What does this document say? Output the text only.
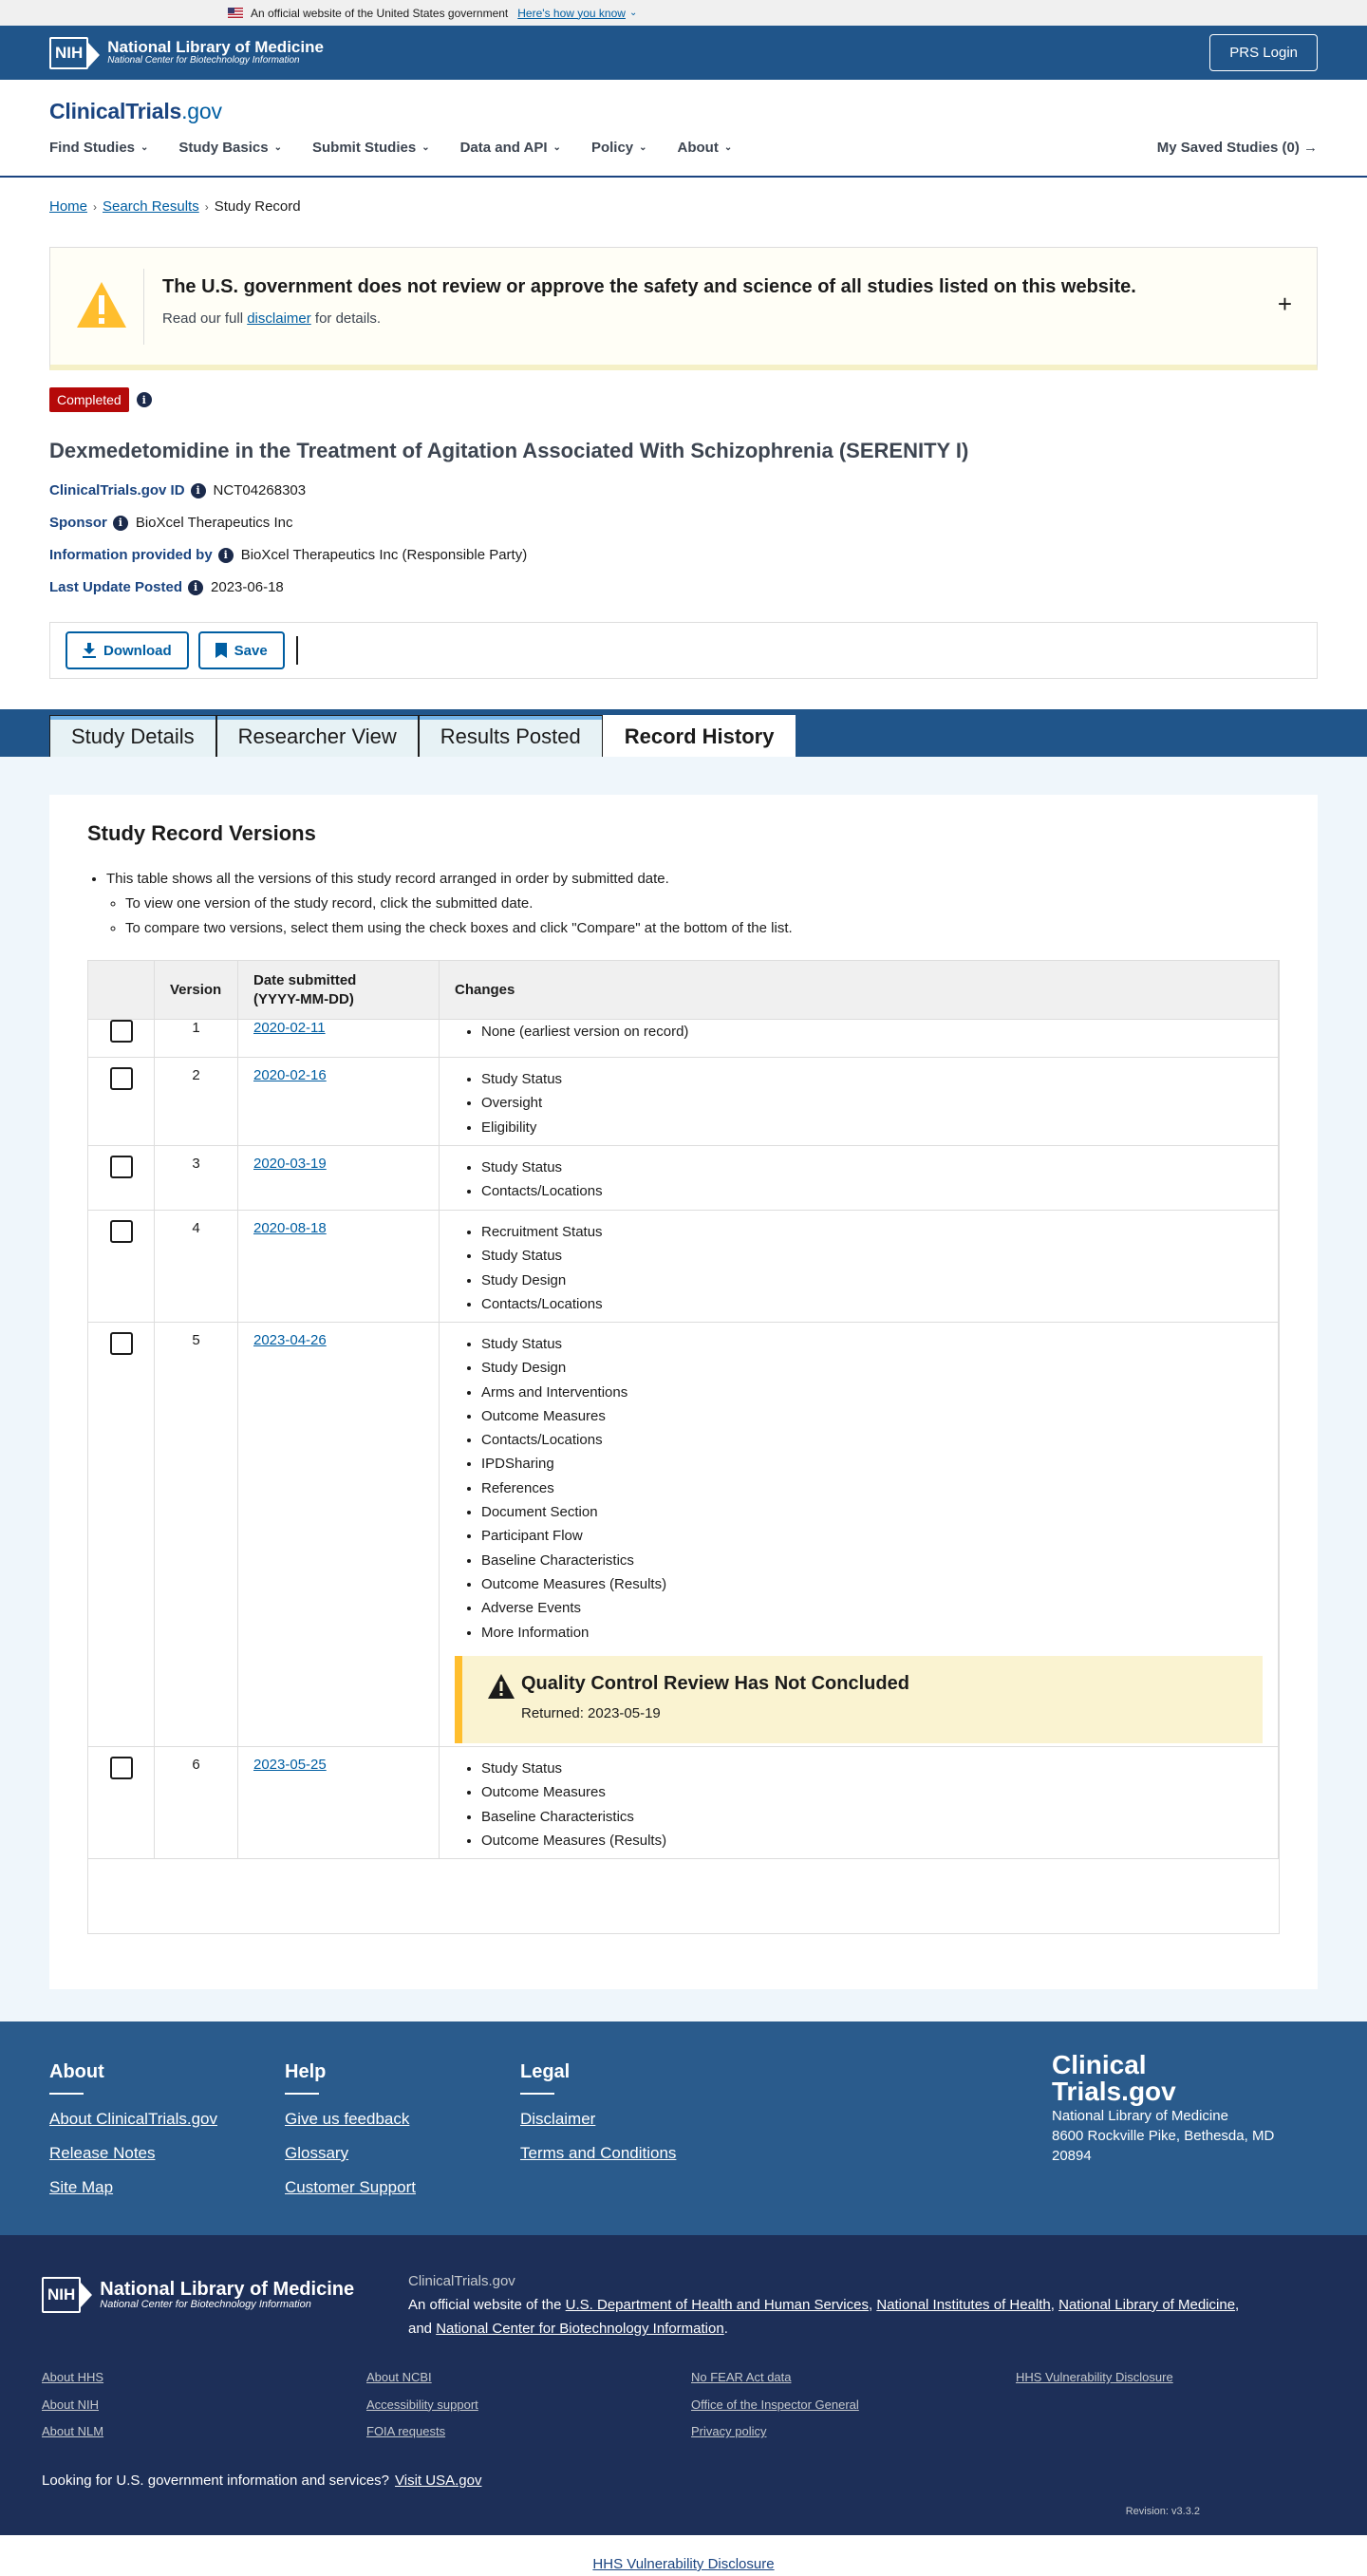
An official website of the United States government Here's how you know ⌄
NIH	National Library of Medicine
National Center for Biotechnology Information	PRS Login
ClinicalTrials.gov
Find Studies ⌄ Study Basics ⌄ Submit Studies ⌄ Data and API ⌄ Policy ⌄ About ⌄	My Saved Studies (0) →
Home › Search Results › Study Record
The U.S. government does not review or approve the safety and science of all studies listed on this website.
Read our full disclaimer for details.
+
Completed	i
Dexmedetomidine in the Treatment of Agitation Associated With Schizophrenia (SERENITY I)
ClinicalTrials.gov ID	i NCT04268303
Sponsor	i BioXcel Therapeutics Inc
Information provided by	i BioXcel Therapeutics Inc (Responsible Party)
Last Update Posted	i 2023-06-18
Download	Save
Study Details	Researcher View	Results Posted	Record History
Study Record Versions
• This table shows all the versions of this study record arranged in order by submitted date.
◦ To view one version of the study record, click the submitted date.
◦ To compare two versions, select them using the check boxes and click "Compare" at the bottom of the list.
Version
Date submitted
(YYYY-MM-DD)
Changes
1	2020-02-11	• None (earliest version on record)
2	2020-02-16	• Study Status
• Oversight
• Eligibility
3	2020-03-19	• Study Status
• Contacts/Locations
4	2020-08-18	• Recruitment Status
• Study Status
• Study Design
• Contacts/Locations
5	2023-04-26	• Study Status
• Study Design
• Arms and Interventions
• Outcome Measures
• Contacts/Locations
• IPDSharing
• References
• Document Section
• Participant Flow
• Baseline Characteristics
• Outcome Measures (Results)
• Adverse Events
• More Information
Quality Control Review Has Not Concluded
Returned: 2023-05-19
6	2023-05-25	• Study Status
• Outcome Measures
• Baseline Characteristics
• Outcome Measures (Results)
About
About ClinicalTrials.gov
Release Notes
Site Map
Help
Give us feedback
Glossary
Customer Support
Legal
Disclaimer
Terms and Conditions
Clinical
Trials.gov
National Library of Medicine
8600 Rockville Pike, Bethesda, MD
20894
NIH	National Library of Medicine
National Center for Biotechnology Information
ClinicalTrials.gov
An official website of the U.S. Department of Health and Human Services, National Institutes of Health, National Library of Medicine,
and National Center for Biotechnology Information.
About HHS
About NIH
About NLM
About NCBI
Accessibility support
FOIA requests
No FEAR Act data
Office of the Inspector General
Privacy policy
HHS Vulnerability Disclosure
Looking for U.S. government information and services? Visit USA.gov
Revision: v3.3.2
HHS Vulnerability Disclosure
